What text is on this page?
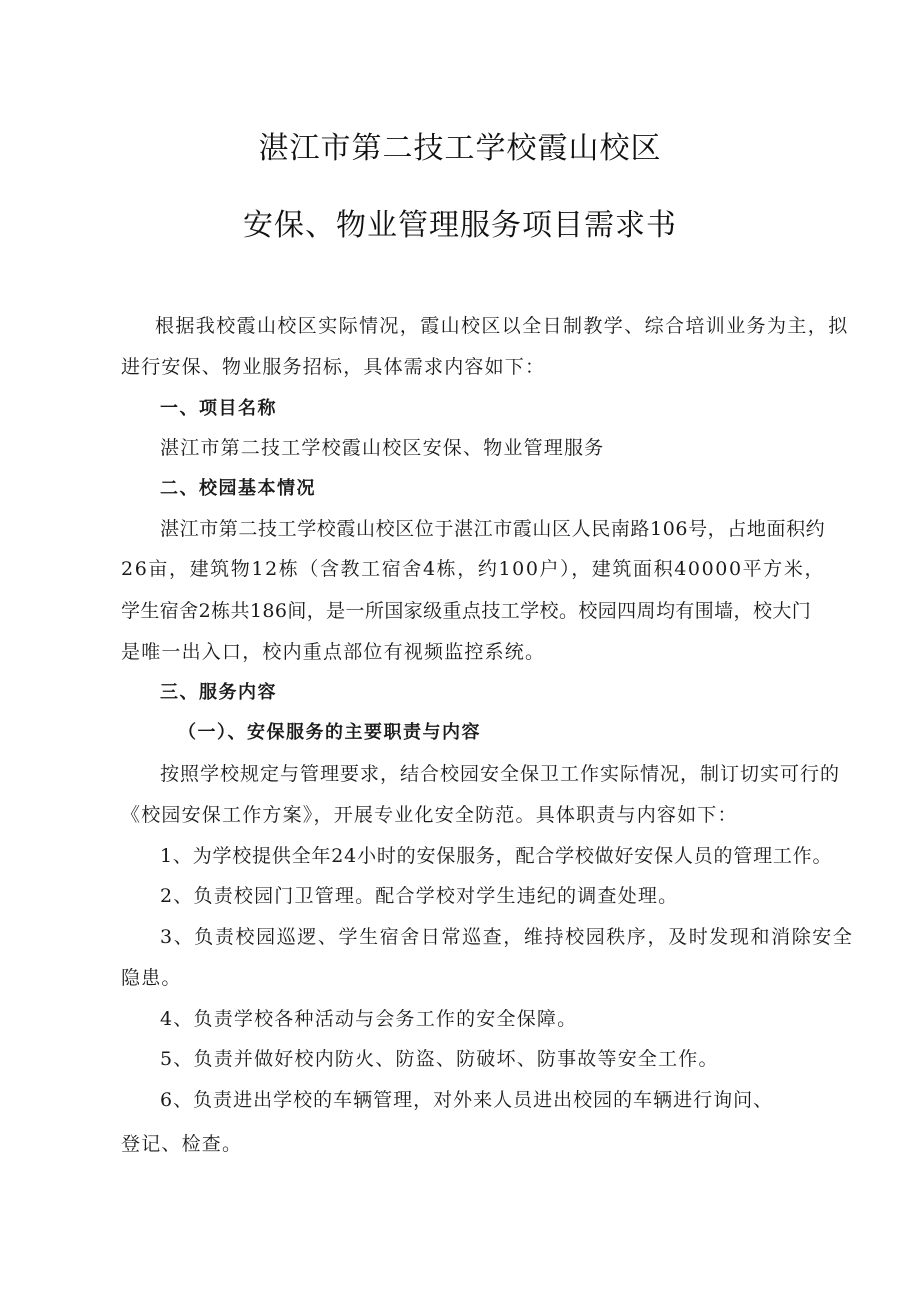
湛江市第二技工学校霞山校区
安保、物业管理服务项目需求书
根据我校霞山校区实际情况，霞山校区以全日制教学、综合培训业务为主，拟
进行安保、物业服务招标，具体需求内容如下：
一、项目名称
湛江市第二技工学校霞山校区安保、物业管理服务
二、校园基本情况
湛江市第二技工学校霞山校区位于湛江市霞山区人民南路106号，占地面积约
26亩，建筑物12栋（含教工宿舍4栋，约100户），建筑面积40000平方米，
学生宿舍2栋共186间，是一所国家级重点技工学校。校园四周均有围墙，校大门
是唯一出入口，校内重点部位有视频监控系统。
三、服务内容
（一）、安保服务的主要职责与内容
按照学校规定与管理要求，结合校园安全保卫工作实际情况，制订切实可行的
《校园安保工作方案》，开展专业化安全防范。具体职责与内容如下：
1、为学校提供全年24小时的安保服务，配合学校做好安保人员的管理工作。
2、负责校园门卫管理。配合学校对学生违纪的调查处理。
3、负责校园巡逻、学生宿舍日常巡查，维持校园秩序，及时发现和消除安全
隐患。
4、负责学校各种活动与会务工作的安全保障。
5、负责并做好校内防火、防盗、防破坏、防事故等安全工作。
6、负责进出学校的车辆管理，对外来人员进出校园的车辆进行询问、
登记、检查。
